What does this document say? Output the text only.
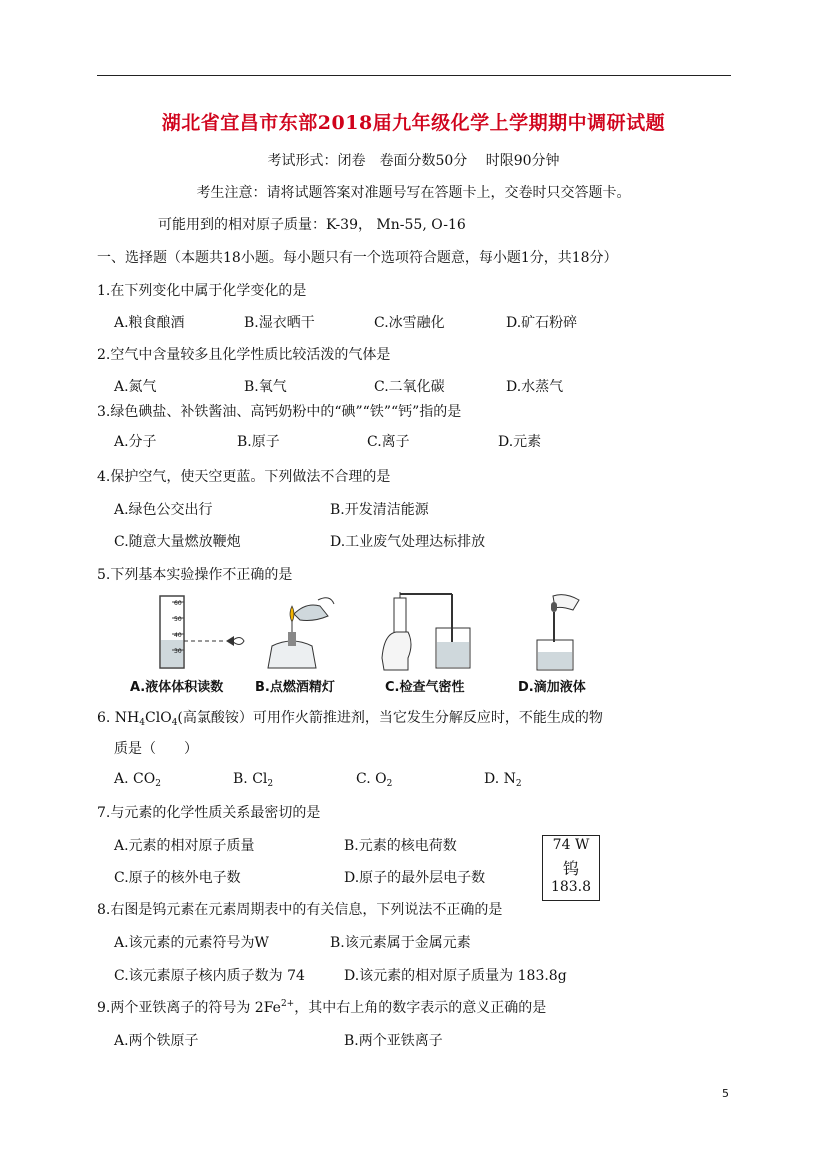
湖北省宜昌市东部2018届九年级化学上学期期中调研试题
考试形式：闭卷　卷面分数50分　 时限90分钟
考生注意：请将试题答案对准题号写在答题卡上，交卷时只交答题卡。
可能用到的相对原子质量：K-39， Mn-55, O-16
一、选择题（本题共18小题。每小题只有一个选项符合题意，每小题1分，共18分）
1.在下列变化中属于化学变化的是
A.粮食酿酒	B.湿衣晒干	C.冰雪融化	D.矿石粉碎
2.空气中含量较多且化学性质比较活泼的气体是
A.氮气	B.氧气	C.二氧化碳	D.水蒸气
3.绿色碘盐、补铁酱油、高钙奶粉中的“碘”“铁”“钙”指的是
A.分子	B.原子	C.离子	D.元素
4.保护空气，使天空更蓝。下列做法不合理的是
A.绿色公交出行	B.开发清洁能源
C.随意大量燃放鞭炮	D.工业废气处理达标排放
5.下列基本实验操作不正确的是
60
50
40
30
A.液体体积读数 B.点燃酒精灯	C.检查气密性	D.滴加液体
6. $NH_4ClO_4$(高氯酸铵）可用作火箭推进剂，当它发生分解反应时，不能生成的物
质是（　　）
A. $CO_2$	B. $Cl_2$	C. $O_2$	D. $N_2$
7.与元素的化学性质关系最密切的是
A.元素的相对原子质量	B.元素的核电荷数
C.原子的核外电子数	D.原子的最外层电子数
74 W
钨
183.8
8.右图是钨元素在元素周期表中的有关信息，下列说法不正确的是
A.该元素的元素符号为W	B.该元素属于金属元素
C.该元素原子核内质子数为 74	D.该元素的相对原子质量为 183.8g
9.两个亚铁离子的符号为 $2Fe^{2+}$，其中右上角的数字表示的意义正确的是
A.两个铁原子	B.两个亚铁离子
5
